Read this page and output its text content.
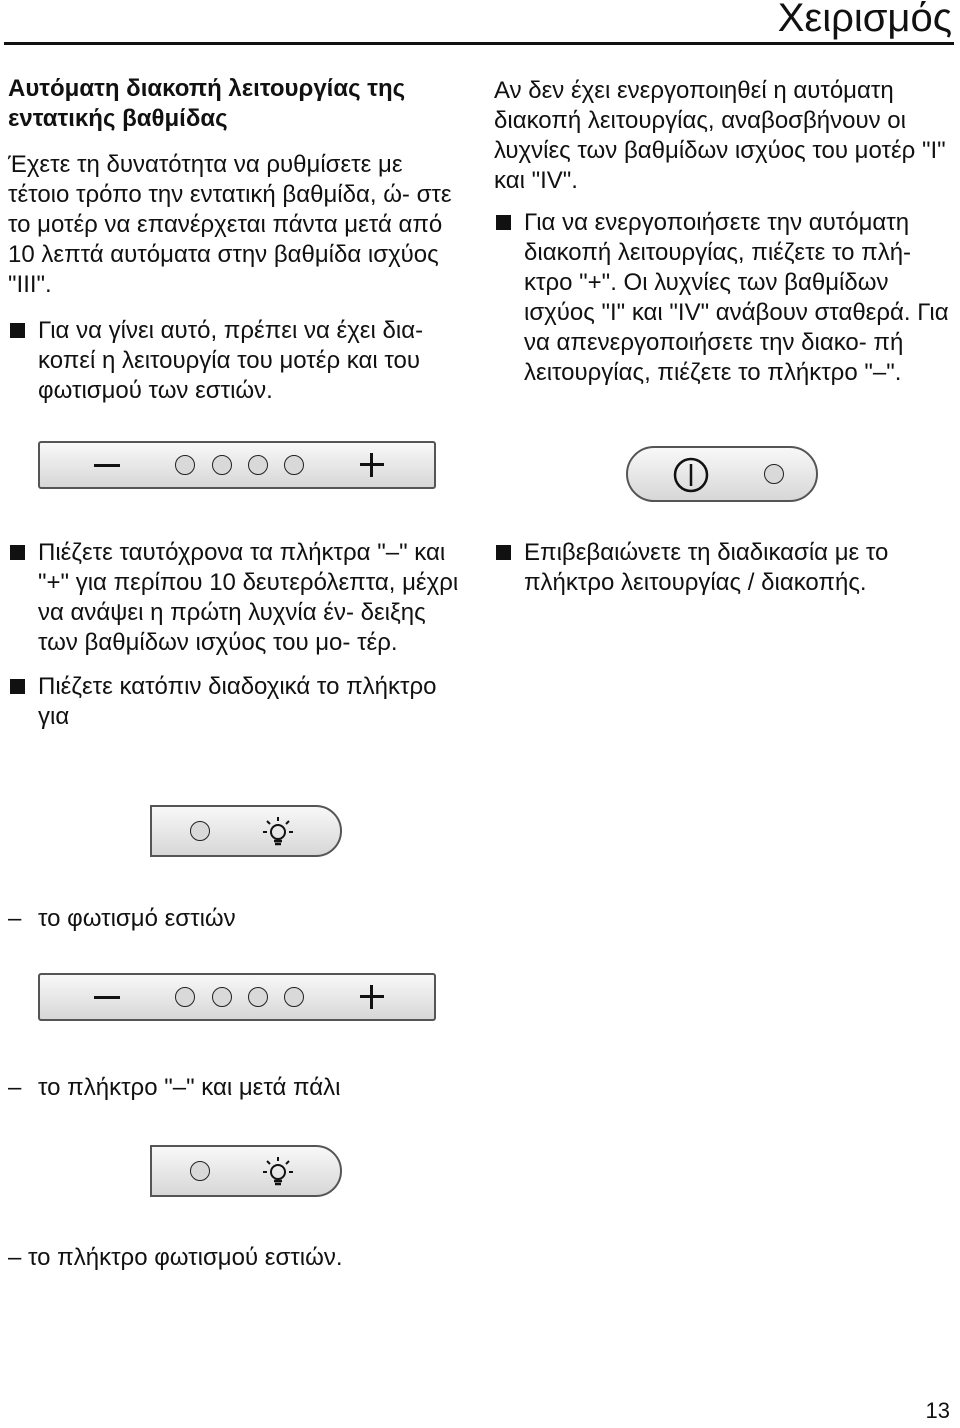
Χειρισμός

Αυτόματη διακοπή λειτουργίας της εντατικής βαθμίδας

Έχετε τη δυνατότητα να ρυθμίσετε με τέτοιο τρόπο την εντατική βαθμίδα, ώ- στε το μοτέρ να επανέρχεται πάντα μετά από 10 λεπτά αυτόματα στην βαθμίδα ισχύος "III".

Για να γίνει αυτό, πρέπει να έχει δια- κοπεί η λειτουργία του μοτέρ και του φωτισμού των εστιών.

Αν δεν έχει ενεργοποιηθεί η αυτόματη διακοπή λειτουργίας, αναβοσβήνουν οι λυχνίες των βαθμίδων ισχύος του μοτέρ "I" και "IV".

Για να ενεργοποιήσετε την αυτόματη διακοπή λειτουργίας, πιέζετε το πλή- κτρο "+". Οι λυχνίες των βαθμίδων ισχύος "I" και "IV" ανάβουν σταθερά. Για να απενεργοποιήσετε την διακο- πή λειτουργίας, πιέζετε το πλήκτρο "–".
Πιέζετε ταυτόχρονα τα πλήκτρα "–" και "+" για περίπου 10 δευτερόλεπτα, μέχρι να ανάψει η πρώτη λυχνία έν- δειξης των βαθμίδων ισχύος του μο- τέρ.
Πιέζετε κατόπιν διαδοχικά το πλήκτρο για
Επιβεβαιώνετε τη διαδικασία με το πλήκτρο λειτουργίας / διακοπής.
– το φωτισμό εστιών
– το πλήκτρο "–" και μετά πάλι
– το πλήκτρο φωτισμού εστιών.
13
